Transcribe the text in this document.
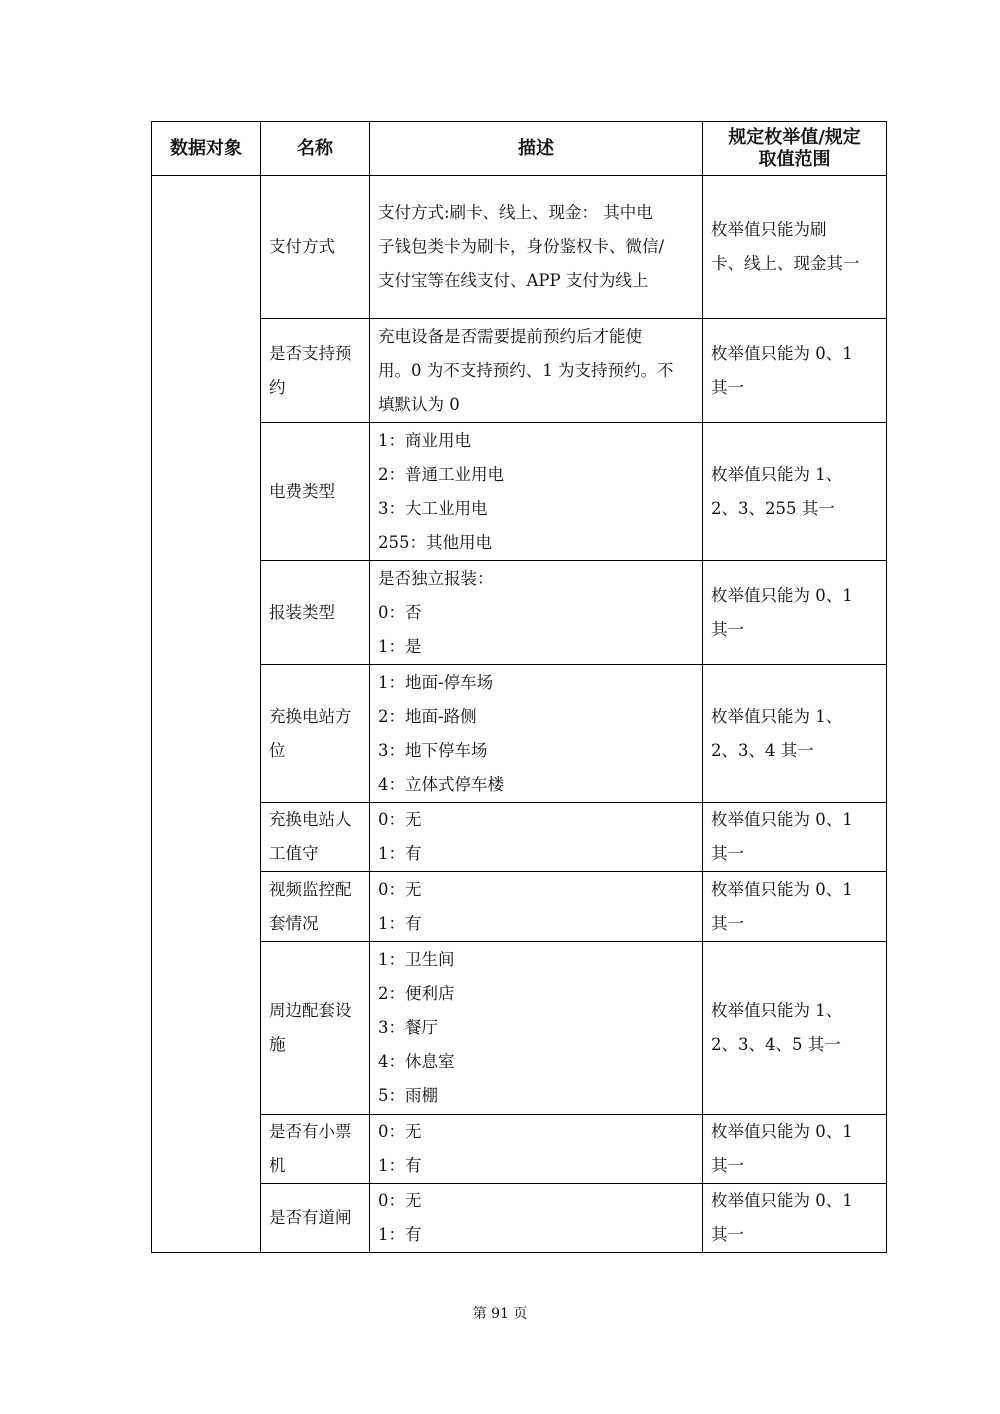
数据对象	名称	描述	规定枚举值/规定
取值范围

	支付方式	支付方式:刷卡、线上、现金： 其中电
子钱包类卡为刷卡，身份鉴权卡、微信/
支付宝等在线支付、APP 支付为线上	枚举值只能为刷
卡、线上、现金其一

	是否支持预
约	充电设备是否需要提前预约后才能使
用。0 为不支持预约、1 为支持预约。不
填默认为 0	枚举值只能为 0、1
其一

	电费类型	1：商业用电
2：普通工业用电
3：大工业用电
255：其他用电	枚举值只能为 1、
2、3、255 其一

	报装类型	是否独立报装：
0：否
1：是	枚举值只能为 0、1
其一

	充换电站方
位	1：地面-停车场
2：地面-路侧
3：地下停车场
4：立体式停车楼	枚举值只能为 1、
2、3、4 其一

	充换电站人
工值守	0：无
1：有	枚举值只能为 0、1
其一

	视频监控配
套情况	0：无
1：有	枚举值只能为 0、1
其一

	周边配套设
施	1：卫生间
2：便利店
3：餐厅
4：休息室
5：雨棚	枚举值只能为 1、
2、3、4、5 其一

	是否有小票
机	0：无
1：有	枚举值只能为 0、1
其一

	是否有道闸	0：无
1：有	枚举值只能为 0、1
其一
第 91 页
